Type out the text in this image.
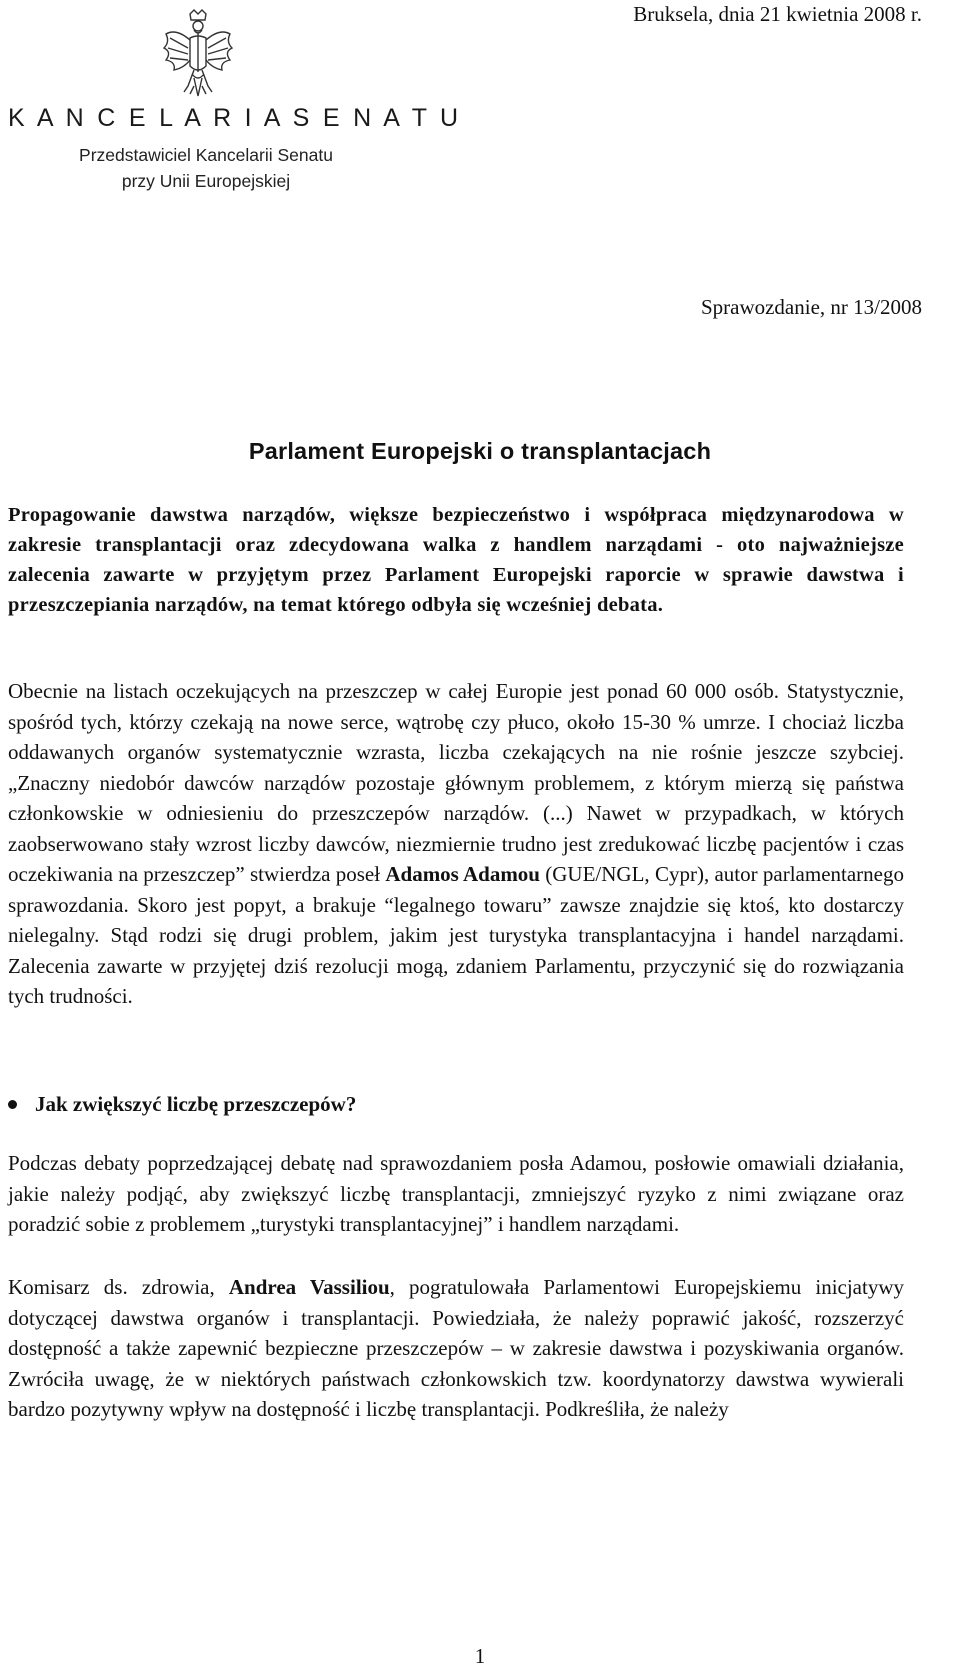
Bruksela, dnia 21 kwietnia 2008 r.
K A N C E L A R I A S E N A T U
Przedstawiciel Kancelarii Senatu
przy Unii Europejskiej
Sprawozdanie, nr 13/2008
Parlament Europejski o transplantacjach

Propagowanie dawstwa narządów, większe bezpieczeństwo i współpraca międzynarodowa w zakresie transplantacji oraz zdecydowana walka z handlem narządami - oto najważniejsze zalecenia zawarte w przyjętym przez Parlament Europejski raporcie w sprawie dawstwa i przeszczepiania narządów, na temat którego odbyła się wcześniej debata.

Obecnie na listach oczekujących na przeszczep w całej Europie jest ponad 60 000 osób. Statystycznie, spośród tych, którzy czekają na nowe serce, wątrobę czy płuco, około 15-30 % umrze. I chociaż liczba oddawanych organów systematycznie wzrasta, liczba czekających na nie rośnie jeszcze szybciej. „Znaczny niedobór dawców narządów pozostaje głównym problemem, z którym mierzą się państwa członkowskie w odniesieniu do przeszczepów narządów. (...) Nawet w przypadkach, w których zaobserwowano stały wzrost liczby dawców, niezmiernie trudno jest zredukować liczbę pacjentów i czas oczekiwania na przeszczep” stwierdza poseł Adamos Adamou (GUE/NGL, Cypr), autor parlamentarnego sprawozdania. Skoro jest popyt, a brakuje “legalnego towaru” zawsze znajdzie się ktoś, kto dostarczy nielegalny. Stąd rodzi się drugi problem, jakim jest turystyka transplantacyjna i handel narządami. Zalecenia zawarte w przyjętej dziś rezolucji mogą, zdaniem Parlamentu, przyczynić się do rozwiązania tych trudności.

Jak zwiększyć liczbę przeszczepów?

Podczas debaty poprzedzającej debatę nad sprawozdaniem posła Adamou, posłowie omawiali działania, jakie należy podjąć, aby zwiększyć liczbę transplantacji, zmniejszyć ryzyko z nimi związane oraz poradzić sobie z problemem „turystyki transplantacyjnej” i handlem narządami.

Komisarz ds. zdrowia, Andrea Vassiliou, pogratulowała Parlamentowi Europejskiemu inicjatywy dotyczącej dawstwa organów i transplantacji. Powiedziała, że należy poprawić jakość, rozszerzyć dostępność a także zapewnić bezpieczne przeszczepów – w zakresie dawstwa i pozyskiwania organów. Zwróciła uwagę, że w niektórych państwach członkowskich tzw. koordynatorzy dawstwa wywierali bardzo pozytywny wpływ na dostępność i liczbę transplantacji. Podkreśliła, że należy

1
